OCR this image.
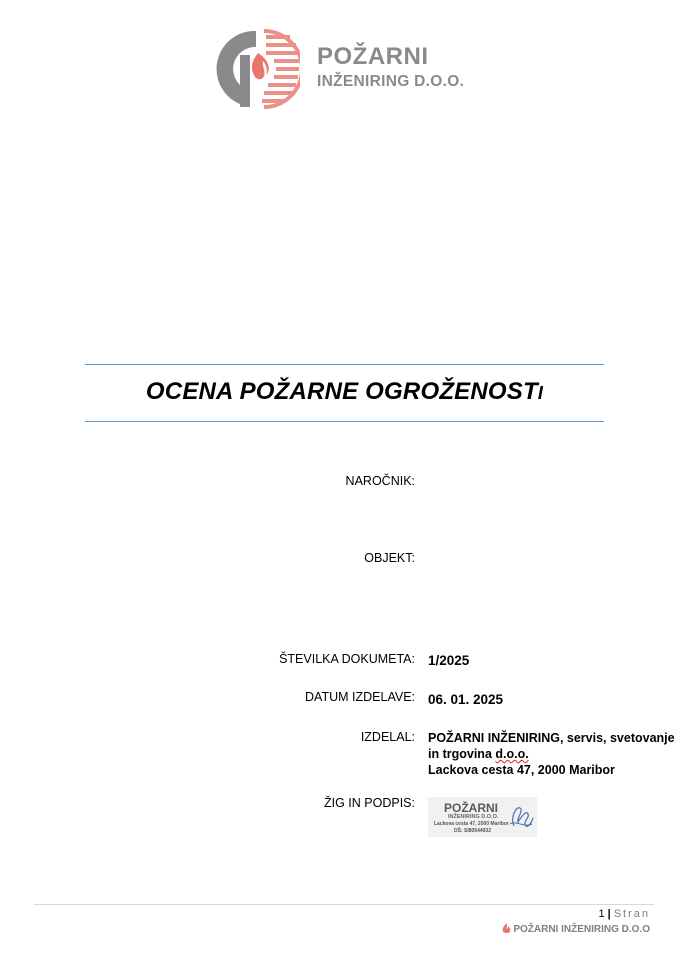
POŽARNI
INŽENIRING D.O.O.
OCENA POŽARNE OGROŽENOSTI
NAROČNIK:
OBJEKT:
ŠTEVILKA DOKUMETA: 1/2025
DATUM IZDELAVE: 06. 01. 2025
IZDELAL: POŽARNI INŽENIRING, servis, svetovanje
in trgovina d.o.o.
Lackova cesta 47, 2000 Maribor
ŽIG IN PODPIS: POŽARNI
INŽENIRING D.O.O.
Lackova cesta 47, 2000 Maribor
DŠ: SI80544932
1 | Stran
POŽARNI INŽENIRING D.O.O
